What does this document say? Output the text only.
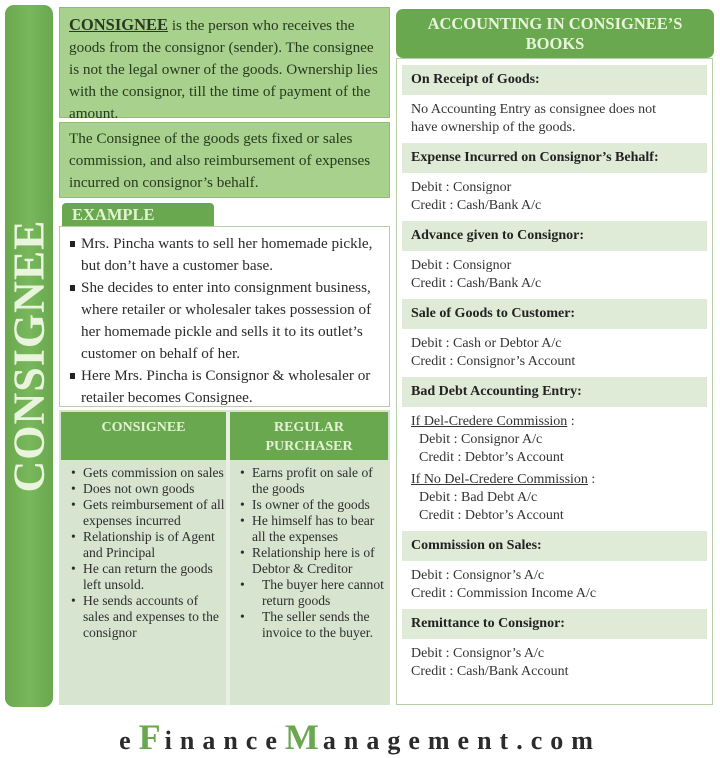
CONSIGNEE
CONSIGNEE is the person who receives the goods from the consignor (sender). The consignee is not the legal owner of the goods. Ownership lies with the consignor, till the time of payment of the amount.
The Consignee of the goods gets fixed or sales commission, and also reimbursement of expenses incurred on consignor’s behalf.
EXAMPLE
Mrs. Pincha wants to sell her homemade pickle, but don’t have a customer base.
She decides to enter into consignment business, where retailer or wholesaler takes possession of her homemade pickle and sells it to its outlet’s customer on behalf of her.
Here Mrs. Pincha is Consignor & wholesaler or retailer becomes Consignee.
CONSIGNEE	REGULAR PURCHASER
• Gets commission on sales
• Does not own goods
• Gets reimbursement of all expenses incurred
• Relationship is of Agent and Principal
• He can return the goods left unsold.
• He sends accounts of sales and expenses to the consignor
• Earns profit on sale of the goods
• Is owner of the goods
• He himself has to bear all the expenses
• Relationship here is of Debtor & Creditor
• The buyer here cannot return goods
• The seller sends the invoice to the buyer.
ACCOUNTING IN CONSIGNEE’S BOOKS
On Receipt of Goods:
No Accounting Entry as consignee does not have ownership of the goods.
Expense Incurred on Consignor’s Behalf:
Debit : Consignor
Credit : Cash/Bank A/c
Advance given to Consignor:
Debit : Consignor
Credit : Cash/Bank A/c
Sale of Goods to Customer:
Debit : Cash or Debtor A/c
Credit : Consignor’s Account
Bad Debt Accounting Entry:
If Del-Credere Commission :
Debit : Consignor A/c
Credit : Debtor’s Account
If No Del-Credere Commission :
Debit : Bad Debt A/c
Credit : Debtor’s Account
Commission on Sales:
Debit : Consignor’s A/c
Credit : Commission Income A/c
Remittance to Consignor:
Debit : Consignor’s A/c
Credit : Cash/Bank Account
eFinanceManagement.com
